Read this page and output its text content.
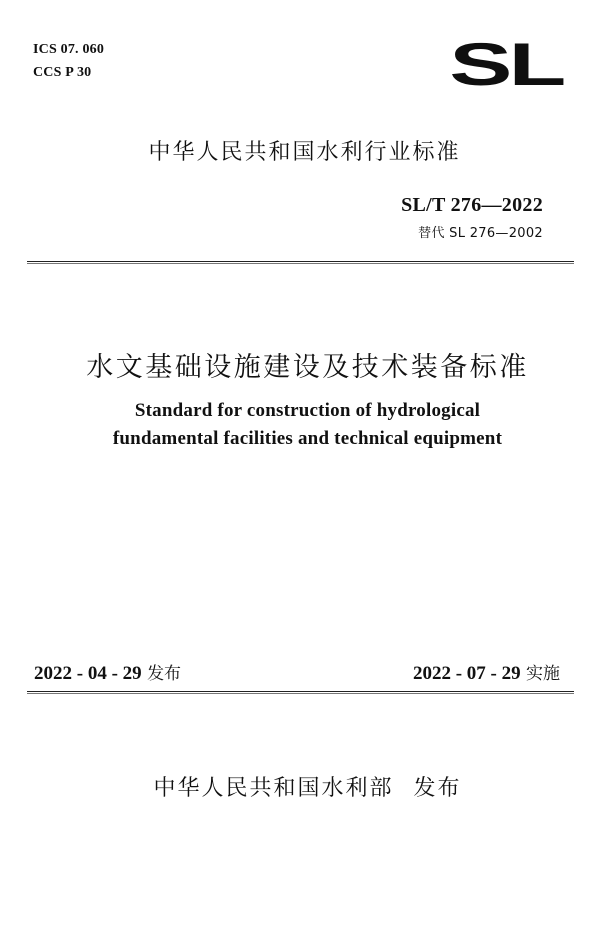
ICS 07. 060
CCS P 30	SL
中华人民共和国水利行业标准
SL/T 276—2022
替代 SL 276—2002
水文基础设施建设及技术装备标准
Standard for construction of hydrological
fundamental facilities and technical equipment
2022 - 04 - 29 发布	2022 - 07 - 29 实施
中华人民共和国水利部 发布
